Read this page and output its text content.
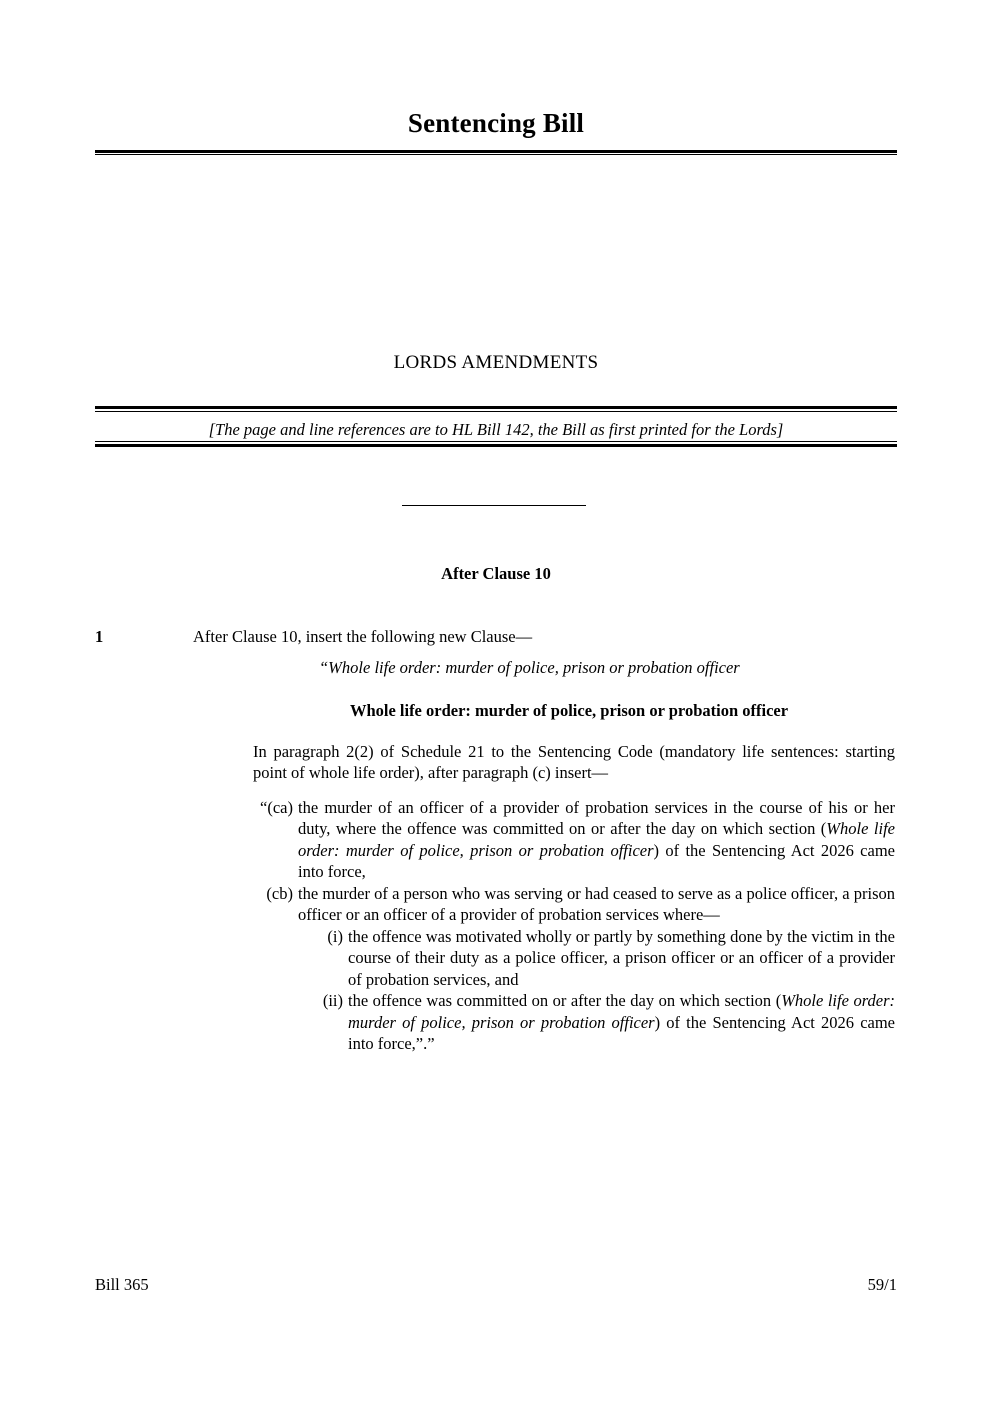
Sentencing Bill
LORDS AMENDMENTS
[The page and line references are to HL Bill 142, the Bill as first printed for the Lords]
After Clause 10
1	After Clause 10, insert the following new Clause—
“Whole life order: murder of police, prison or probation officer
Whole life order: murder of police, prison or probation officer
In paragraph 2(2) of Schedule 21 to the Sentencing Code (mandatory life sentences: starting point of whole life order), after paragraph (c) insert—
“(ca) the murder of an officer of a provider of probation services in the course of his or her duty, where the offence was committed on or after the day on which section (Whole life order: murder of police, prison or probation officer) of the Sentencing Act 2026 came into force,
(cb) the murder of a person who was serving or had ceased to serve as a police officer, a prison officer or an officer of a provider of probation services where—
(i) the offence was motivated wholly or partly by something done by the victim in the course of their duty as a police officer, a prison officer or an officer of a provider of probation services, and
(ii) the offence was committed on or after the day on which section (Whole life order: murder of police, prison or probation officer) of the Sentencing Act 2026 came into force,”.”
Bill 365	59/1
